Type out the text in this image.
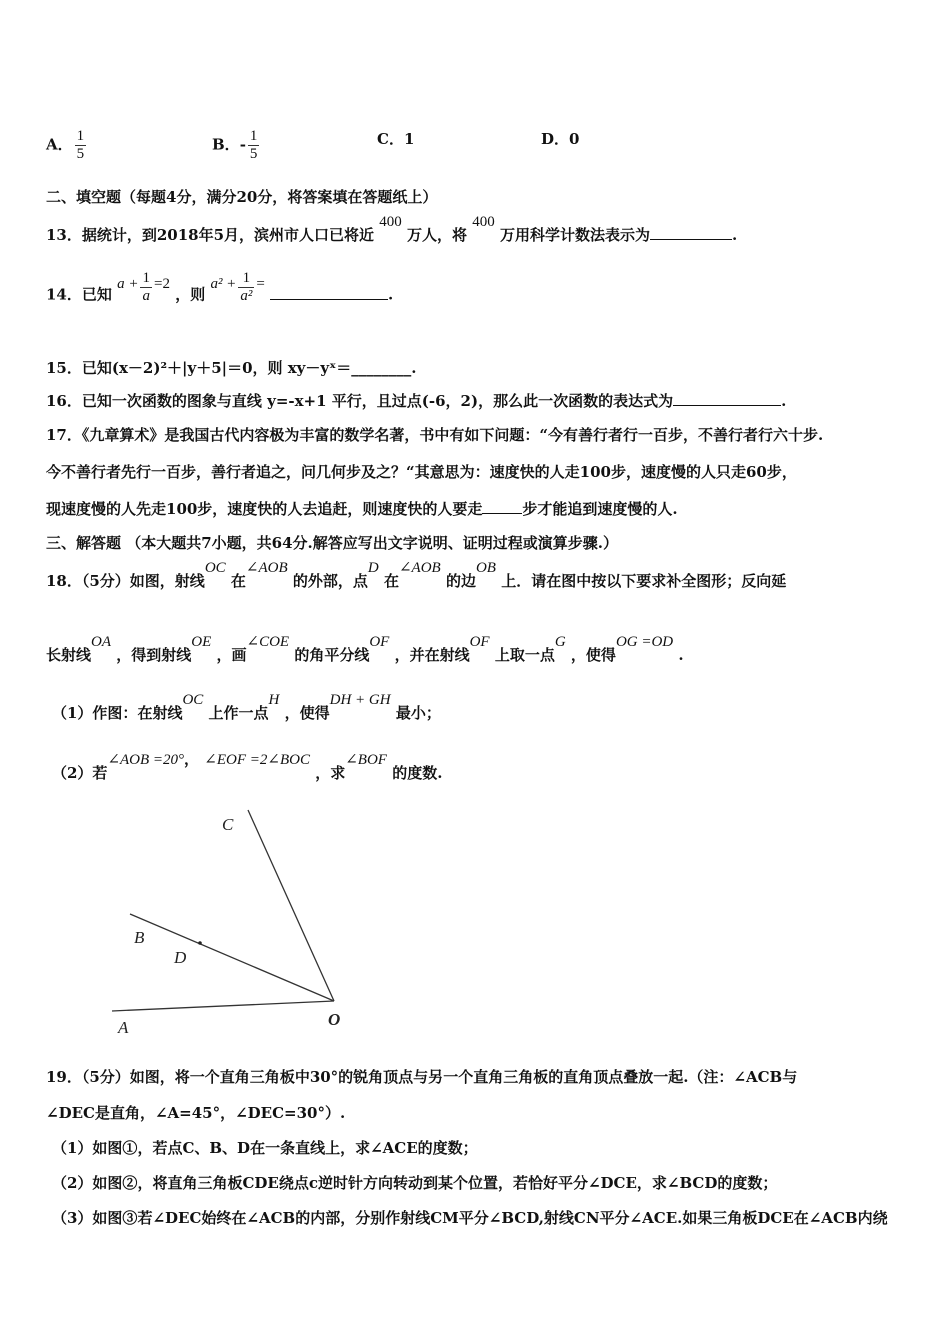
A． $\frac{1}{5}$	B．- $\frac{1}{5}$	C．1	D．0
二、填空题（每题4分，满分20分，将答案填在答题纸上）
13．据统计，到2018年5月，滨州市人口已将近 400 万人，将 400 万用科学计数法表示为	.
14．已知 $a + \frac{1}{a} =2$ ，则 $a^2 + \frac{1}{\text{a²}}$ = .
15．已知(x－2)²＋|y＋5|＝0，则 xy－yˣ＝________.
16．已知一次函数的图象与直线 y=-x+1 平行，且过点(-6，2)，那么此一次函数的表达式为	.
17．《九章算术》是我国古代内容极为丰富的数学名著，书中有如下问题：“今有善行者行一百步，不善行者行六十步.
今不善行者先行一百步，善行者追之，问几何步及之？“其意思为：速度快的人走100步，速度慢的人只走60步，
现速度慢的人先走100步，速度快的人去追赶，则速度快的人要走	步才能追到速度慢的人.
三、解答题 （本大题共7小题，共64分.解答应写出文字说明、证明过程或演算步骤.）
18．（5分）如图，射线OC 在∠AOB 的外部，点D 在∠AOB 的边OB 上．请在图中按以下要求补全图形；反向延
长射线OA ，得到射线OE ，画∠COE 的角平分线OF ，并在射线OF 上取一点G ，使得OG =OD .
（1）作图：在射线OC 上作一点H ，使得DH + GH 最小；
（2）若∠AOB =20°， ∠EOF =2∠BOC ，求∠BOF 的度数.
C
B
D
A	O
19．（5分）如图，将一个直角三角板中30°的锐角顶点与另一个直角三角板的直角顶点叠放一起.（注：∠ACB与
∠DEC是直角，∠A=45°，∠DEC=30°）.
（1）如图①，若点C、B、D在一条直线上，求∠ACE的度数；
（2）如图②，将直角三角板CDE绕点c逆时针方向转动到某个位置，若恰好平分∠DCE，求∠BCD的度数；
（3）如图③若∠DEC始终在∠ACB的内部，分别作射线CM平分∠BCD,射线CN平分∠ACE.如果三角板DCE在∠ACB内绕
